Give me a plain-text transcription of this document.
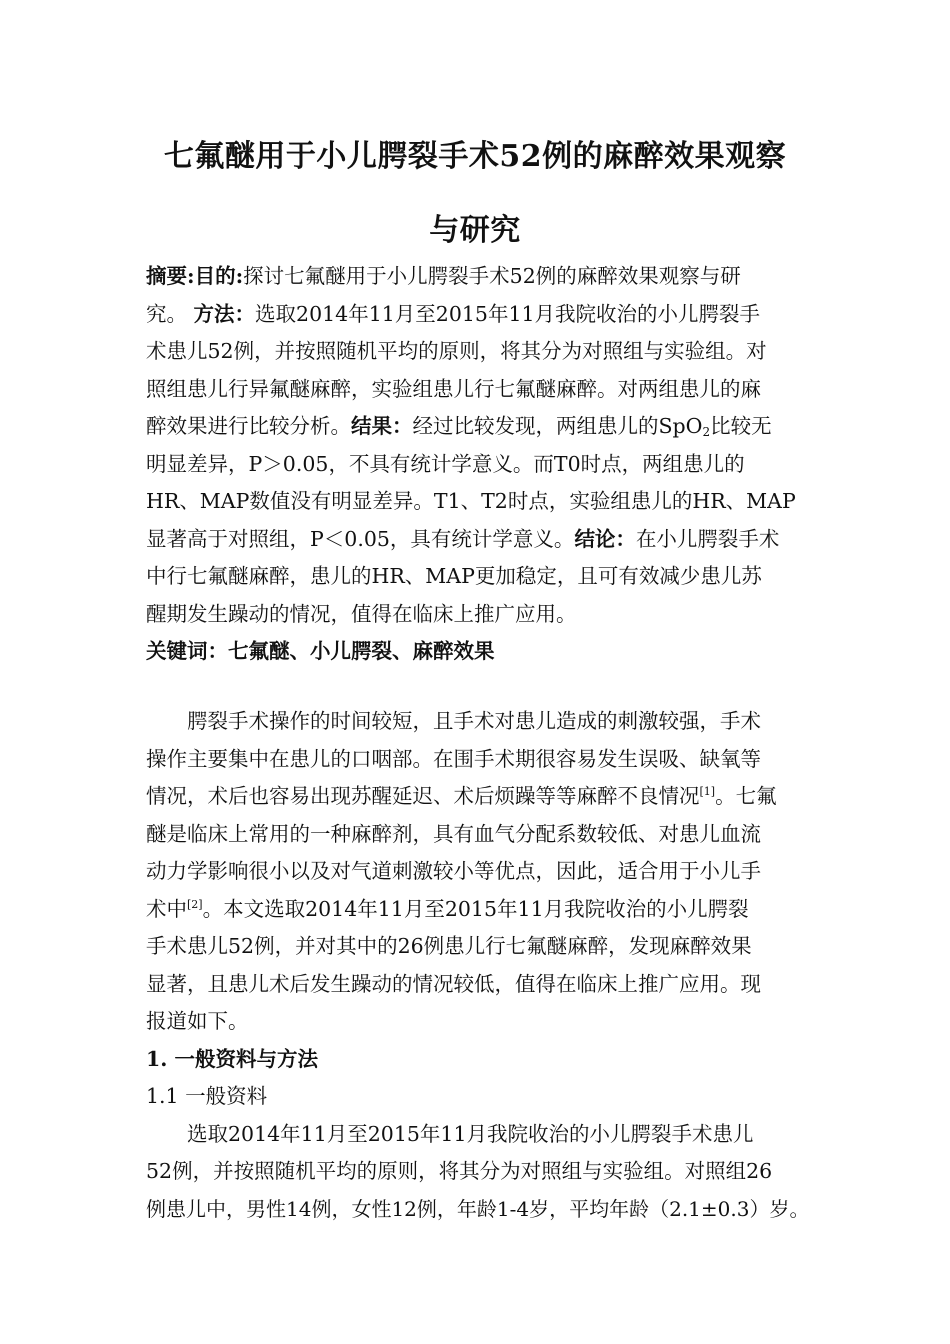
七氟醚用于小儿腭裂手术52例的麻醉效果观察
与研究
摘要:目的:探讨七氟醚用于小儿腭裂手术52例的麻醉效果观察与研
究。 方法：选取2014年11月至2015年11月我院收治的小儿腭裂手
术患儿52例，并按照随机平均的原则，将其分为对照组与实验组。对
照组患儿行异氟醚麻醉，实验组患儿行七氟醚麻醉。对两组患儿的麻
醉效果进行比较分析。结果：经过比较发现，两组患儿的SpO$_2$比较无
明显差异，P＞0.05，不具有统计学意义。而T0时点，两组患儿的
HR、MAP数值没有明显差异。T1、T2时点，实验组患儿的HR、MAP
显著高于对照组，P＜0.05，具有统计学意义。结论：在小儿腭裂手术
中行七氟醚麻醉，患儿的HR、MAP更加稳定，且可有效减少患儿苏
醒期发生躁动的情况，值得在临床上推广应用。
关键词：七氟醚、小儿腭裂、麻醉效果
腭裂手术操作的时间较短，且手术对患儿造成的刺激较强，手术
操作主要集中在患儿的口咽部。在围手术期很容易发生误吸、缺氧等
情况，术后也容易出现苏醒延迟、术后烦躁等等麻醉不良情况[1]。七氟
醚是临床上常用的一种麻醉剂，具有血气分配系数较低、对患儿血流
动力学影响很小以及对气道刺激较小等优点，因此，适合用于小儿手
术中[2]。本文选取2014年11月至2015年11月我院收治的小儿腭裂
手术患儿52例，并对其中的26例患儿行七氟醚麻醉，发现麻醉效果
显著，且患儿术后发生躁动的情况较低，值得在临床上推广应用。现
报道如下。
1. 一般资料与方法
1.1 一般资料
选取2014年11月至2015年11月我院收治的小儿腭裂手术患儿
52例，并按照随机平均的原则，将其分为对照组与实验组。对照组26
例患儿中，男性14例，女性12例，年龄1-4岁，平均年龄（2.1±0.3）岁。
